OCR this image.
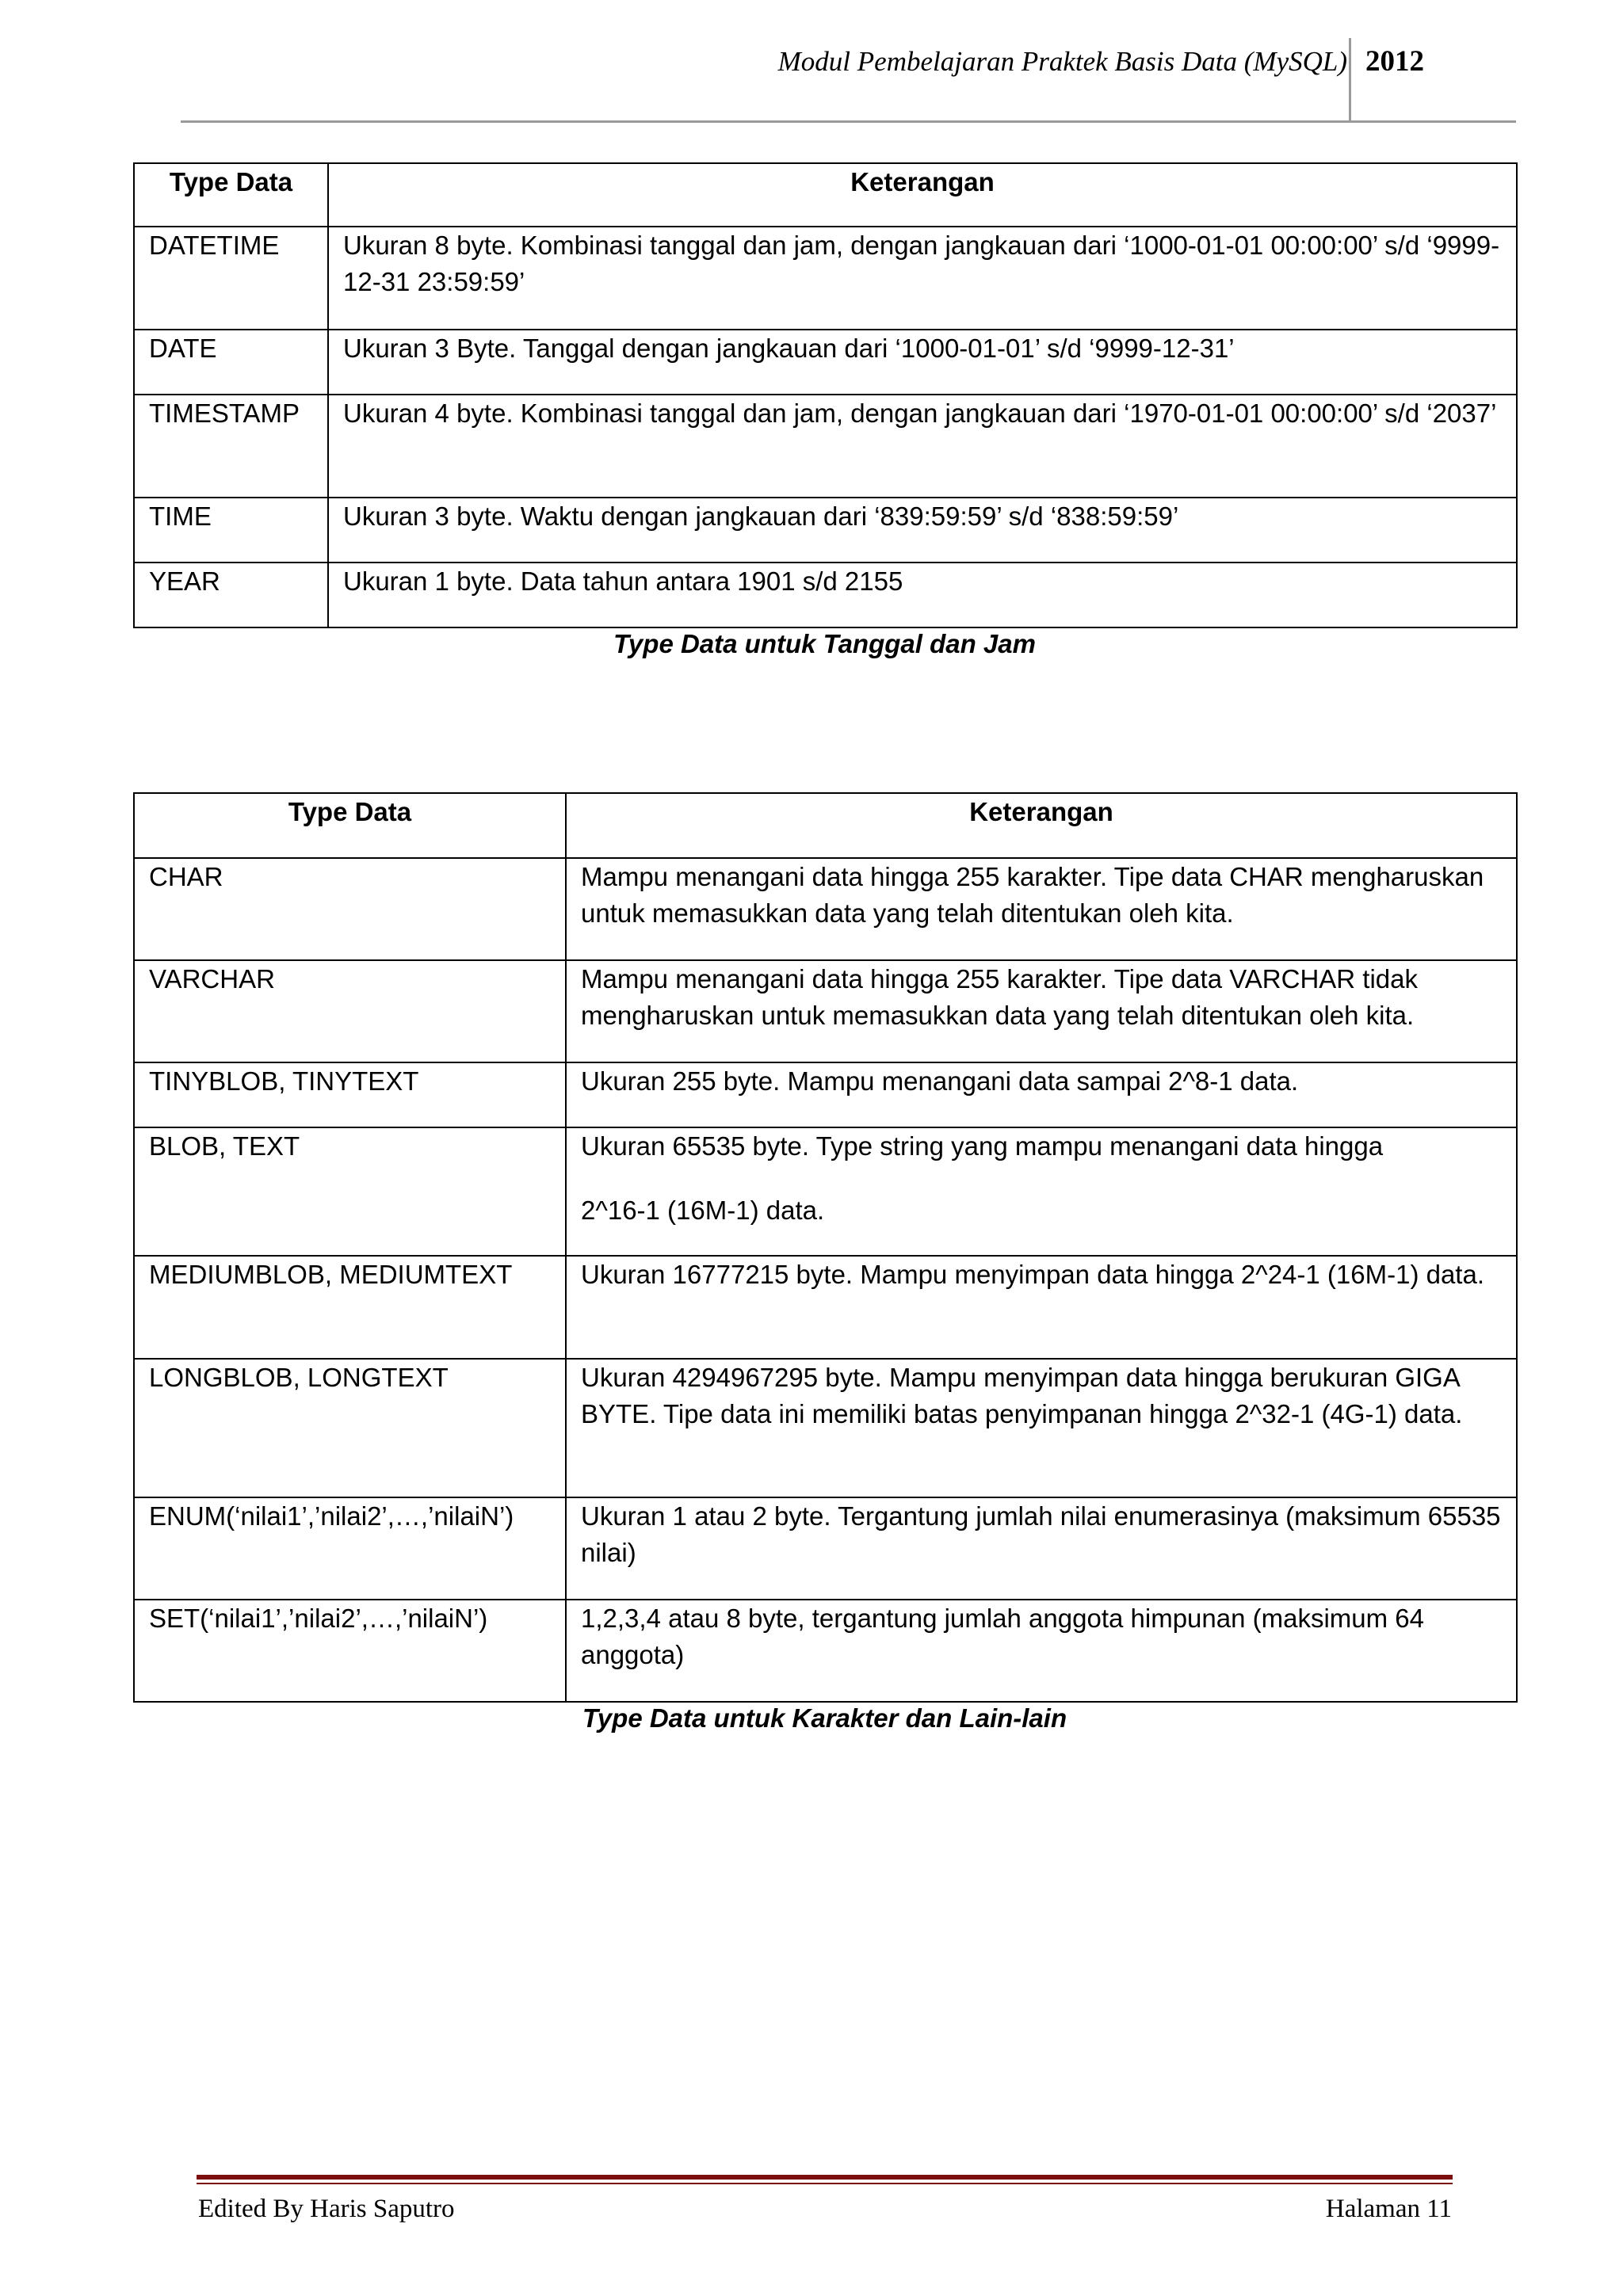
Modul Pembelajaran Praktek Basis Data (MySQL) 2012
Type Data	Keterangan
DATETIME	Ukuran 8 byte. Kombinasi tanggal dan jam, dengan jangkauan dari ‘1000-01-01 00:00:00’ s/d ‘9999-12-31 23:59:59’
DATE	Ukuran 3 Byte. Tanggal dengan jangkauan dari ‘1000-01-01’ s/d ‘9999-12-31’
TIMESTAMP	Ukuran 4 byte. Kombinasi tanggal dan jam, dengan jangkauan dari ‘1970-01-01 00:00:00’ s/d ‘2037’
TIME	Ukuran 3 byte. Waktu dengan jangkauan dari ‘839:59:59’ s/d ‘838:59:59’
YEAR	Ukuran 1 byte. Data tahun antara 1901 s/d 2155
Type Data untuk Tanggal dan Jam
Type Data	Keterangan
CHAR	Mampu menangani data hingga 255 karakter. Tipe data CHAR mengharuskan untuk memasukkan data yang telah ditentukan oleh kita.
VARCHAR	Mampu menangani data hingga 255 karakter. Tipe data VARCHAR tidak mengharuskan untuk memasukkan data yang telah ditentukan oleh kita.
TINYBLOB, TINYTEXT	Ukuran 255 byte. Mampu menangani data sampai 2^8-1 data.
BLOB, TEXT	Ukuran 65535 byte. Type string yang mampu menangani data hingga
2^16-1 (16M-1) data.

MEDIUMBLOB, MEDIUMTEXT	Ukuran 16777215 byte. Mampu menyimpan data hingga 2^24-1 (16M-1) data.
LONGBLOB, LONGTEXT	Ukuran 4294967295 byte. Mampu menyimpan data hingga berukuran GIGA BYTE. Tipe data ini memiliki batas penyimpanan hingga 2^32-1 (4G-1) data.
ENUM(‘nilai1’,’nilai2’,…,’nilaiN’)	Ukuran 1 atau 2 byte. Tergantung jumlah nilai enumerasinya (maksimum 65535 nilai)
SET(‘nilai1’,’nilai2’,…,’nilaiN’)	1,2,3,4 atau 8 byte, tergantung jumlah anggota himpunan (maksimum 64 anggota)
Type Data untuk Karakter dan Lain-lain
Edited By Haris Saputro	Halaman 11
